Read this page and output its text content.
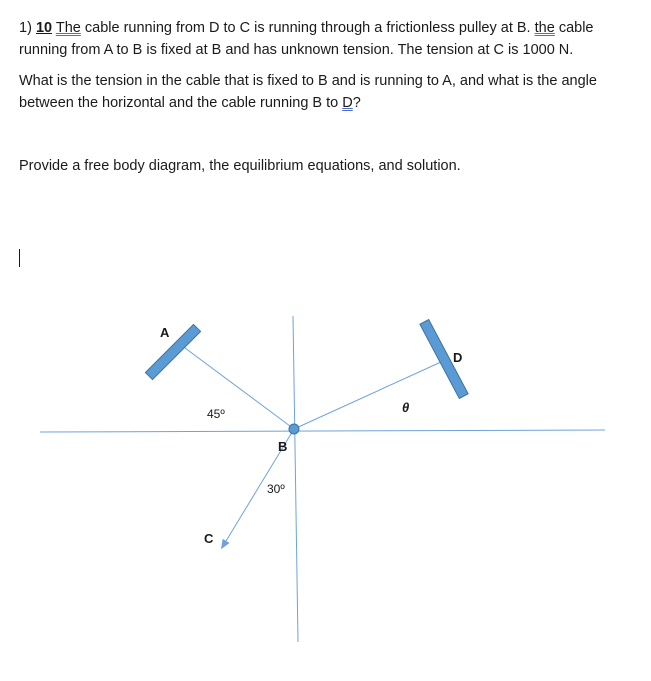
1) 10 The cable running from D to C is running through a frictionless pulley at B. the cable running from A to B is fixed at B and has unknown tension. The tension at C is 1000 N.
What is the tension in the cable that is fixed to B and is running to A, and what is the angle between the horizontal and the cable running B to D?
Provide a free body diagram, the equilibrium equations, and solution.
A
D
B
C
45º
30º
θ
